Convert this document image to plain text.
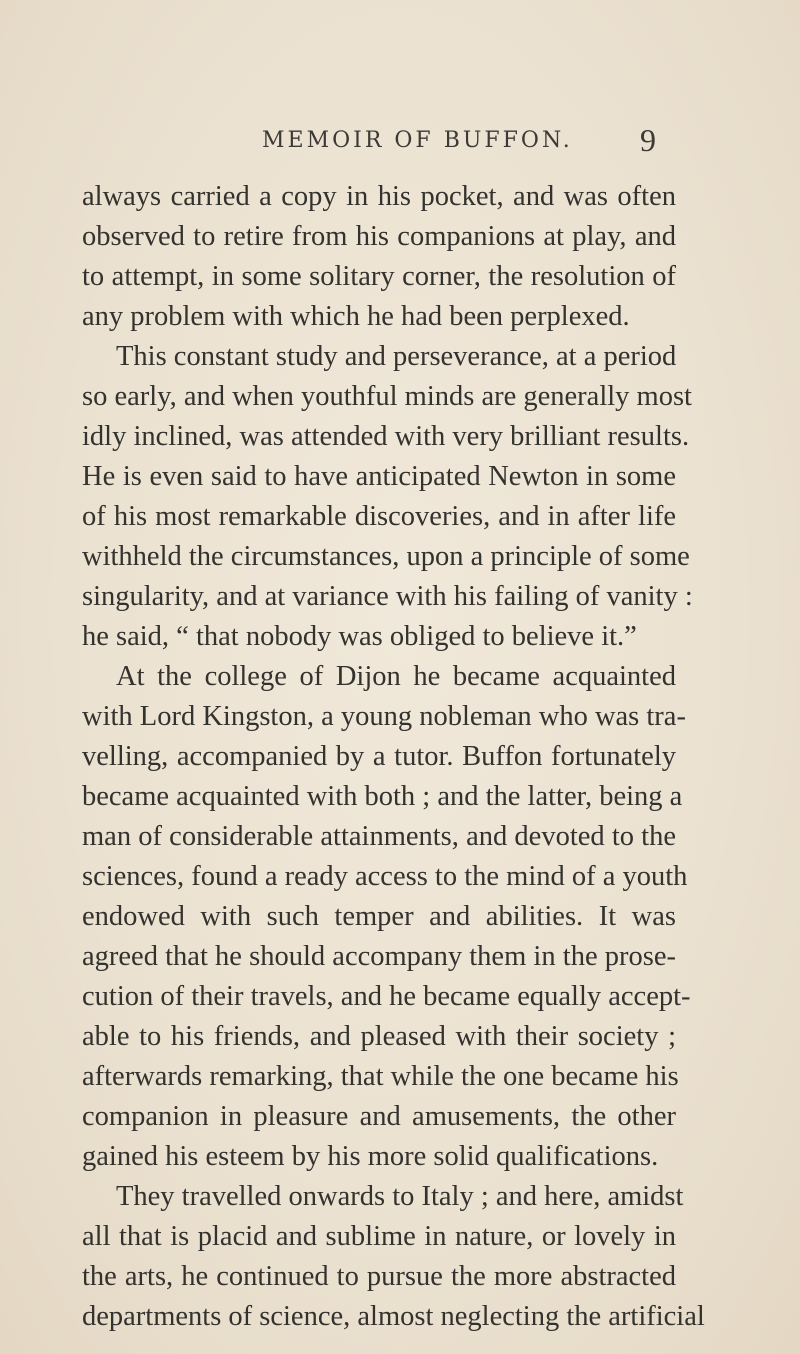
MEMOIR OF BUFFON. 9
always carried a copy in his pocket, and was often
observed to retire from his companions at play, and
to attempt, in some solitary corner, the resolution of
any problem with which he had been perplexed.
This constant study and perseverance, at a period
so early, and when youthful minds are generally most
idly inclined, was attended with very brilliant results.
He is even said to have anticipated Newton in some
of his most remarkable discoveries, and in after life
withheld the circumstances, upon a principle of some
singularity, and at variance with his failing of vanity :
he said, “ that nobody was obliged to believe it.”
At the college of Dijon he became acquainted
with Lord Kingston, a young nobleman who was tra-
velling, accompanied by a tutor. Buffon fortunately
became acquainted with both ; and the latter, being a
man of considerable attainments, and devoted to the
sciences, found a ready access to the mind of a youth
endowed with such temper and abilities. It was
agreed that he should accompany them in the prose-
cution of their travels, and he became equally accept-
able to his friends, and pleased with their society ;
afterwards remarking, that while the one became his
companion in pleasure and amusements, the other
gained his esteem by his more solid qualifications.
They travelled onwards to Italy ; and here, amidst
all that is placid and sublime in nature, or lovely in
the arts, he continued to pursue the more abstracted
departments of science, almost neglecting the artificial
